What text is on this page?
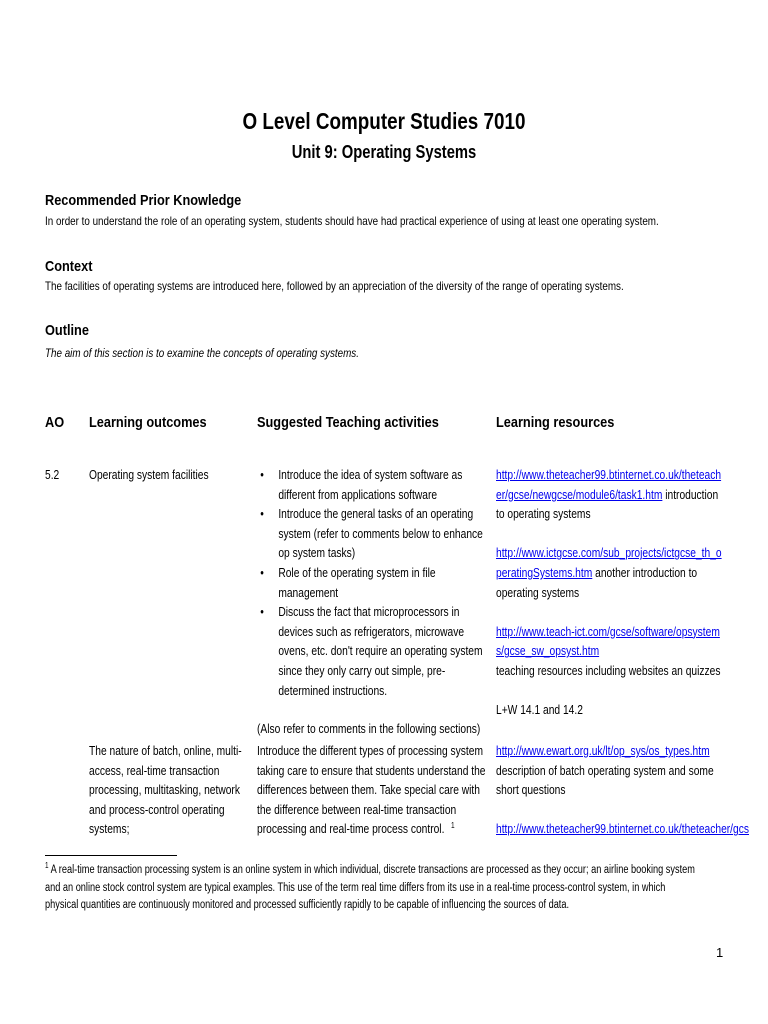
O Level Computer Studies 7010
Unit 9: Operating Systems
Recommended Prior Knowledge
In order to understand the role of an operating system, students should have had practical experience of using at least one operating system.
Context
The facilities of operating systems are introduced here, followed by an appreciation of the diversity of the range of operating systems.
Outline
The aim of this section is to examine the concepts of operating systems.
AO Learning outcomes	Suggested Teaching activities	Learning resources
5.2 Operating system facilities
•	Introduce the idea of system software as different from applications software
• Introduce the general tasks of an operating system (refer to comments below to enhance op system tasks)
• Role of the operating system in file management
• Discuss the fact that microprocessors in devices such as refrigerators, microwave ovens, etc. don't require an operating system since they only carry out simple, pre-determined instructions.

(Also refer to comments in the following sections)

http://www.theteacher99.btinternet.co.uk/theteacher/gcse/newgcse/module6/task1.htm introduction to operating systems

http://www.ictgcse.com/sub_projects/ictgcse_th_operatingSystems.htm another introduction to operating systems

http://www.teach-ict.com/gcse/software/opsystems/gcse_sw_opsyst.htm
teaching resources including websites an quizzes

L+W 14.1 and 14.2

The nature of batch, online, multi-access, real-time transaction processing, multitasking, network and process-control operating systems;
Introduce the different types of processing system taking care to ensure that students understand the differences between them. Take special care with the difference between real-time transaction processing and real-time process control. $^1$

http://www.ewart.org.uk/lt/op_sys/os_types.htm
description of batch operating system and some short questions

http://www.theteacher99.btinternet.co.uk/theteacher/gcs

$^1$ A real-time transaction processing system is an online system in which individual, discrete transactions are processed as they occur; an airline booking system and an online stock control system are typical examples. This use of the term real time differs from its use in a real-time process-control system, in which physical quantities are continuously monitored and processed sufficiently rapidly to be capable of influencing the sources of data.
1
